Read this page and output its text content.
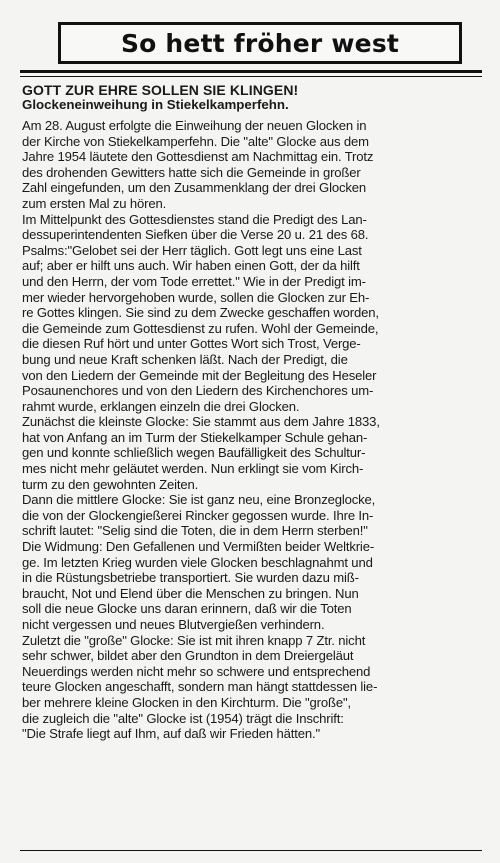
So hett fröher west
GOTT ZUR EHRE SOLLEN SIE KLINGEN!
Glockeneinweihung in Stiekelkamperfehn.
Am 28. August erfolgte die Einweihung der neuen Glocken in
der Kirche von Stiekelkamperfehn. Die "alte" Glocke aus dem
Jahre 1954 läutete den Gottesdienst am Nachmittag ein. Trotz
des drohenden Gewitters hatte sich die Gemeinde in großer
Zahl eingefunden, um den Zusammenklang der drei Glocken
zum ersten Mal zu hören.
Im Mittelpunkt des Gottesdienstes stand die Predigt des Lan-
dessuperintendenten Siefken über die Verse 20 u. 21 des 68.
Psalms:"Gelobet sei der Herr täglich. Gott legt uns eine Last
auf; aber er hilft uns auch. Wir haben einen Gott, der da hilft
und den Herrn, der vom Tode errettet." Wie in der Predigt im-
mer wieder hervorgehoben wurde, sollen die Glocken zur Eh-
re Gottes klingen. Sie sind zu dem Zwecke geschaffen worden,
die Gemeinde zum Gottesdienst zu rufen. Wohl der Gemeinde,
die diesen Ruf hört und unter Gottes Wort sich Trost, Verge-
bung und neue Kraft schenken läßt. Nach der Predigt, die
von den Liedern der Gemeinde mit der Begleitung des Heseler
Posaunenchores und von den Liedern des Kirchenchores um-
rahmt wurde, erklangen einzeln die drei Glocken.
Zunächst die kleinste Glocke: Sie stammt aus dem Jahre 1833,
hat von Anfang an im Turm der Stiekelkamper Schule gehan-
gen und konnte schließlich wegen Baufälligkeit des Schultur-
mes nicht mehr geläutet werden. Nun erklingt sie vom Kirch-
turm zu den gewohnten Zeiten.
Dann die mittlere Glocke: Sie ist ganz neu, eine Bronzeglocke,
die von der Glockengießerei Rincker gegossen wurde. Ihre In-
schrift lautet: "Selig sind die Toten, die in dem Herrn sterben!"
Die Widmung: Den Gefallenen und Vermißten beider Weltkrie-
ge. Im letzten Krieg wurden viele Glocken beschlagnahmt und
in die Rüstungsbetriebe transportiert. Sie wurden dazu miß-
braucht, Not und Elend über die Menschen zu bringen. Nun
soll die neue Glocke uns daran erinnern, daß wir die Toten
nicht vergessen und neues Blutvergießen verhindern.
Zuletzt die "große" Glocke: Sie ist mit ihren knapp 7 Ztr. nicht
sehr schwer, bildet aber den Grundton in dem Dreiergeläut
Neuerdings werden nicht mehr so schwere und entsprechend
teure Glocken angeschafft, sondern man hängt stattdessen lie-
ber mehrere kleine Glocken in den Kirchturm. Die "große",
die zugleich die "alte" Glocke ist (1954) trägt die Inschrift:
"Die Strafe liegt auf Ihm, auf daß wir Frieden hätten."
